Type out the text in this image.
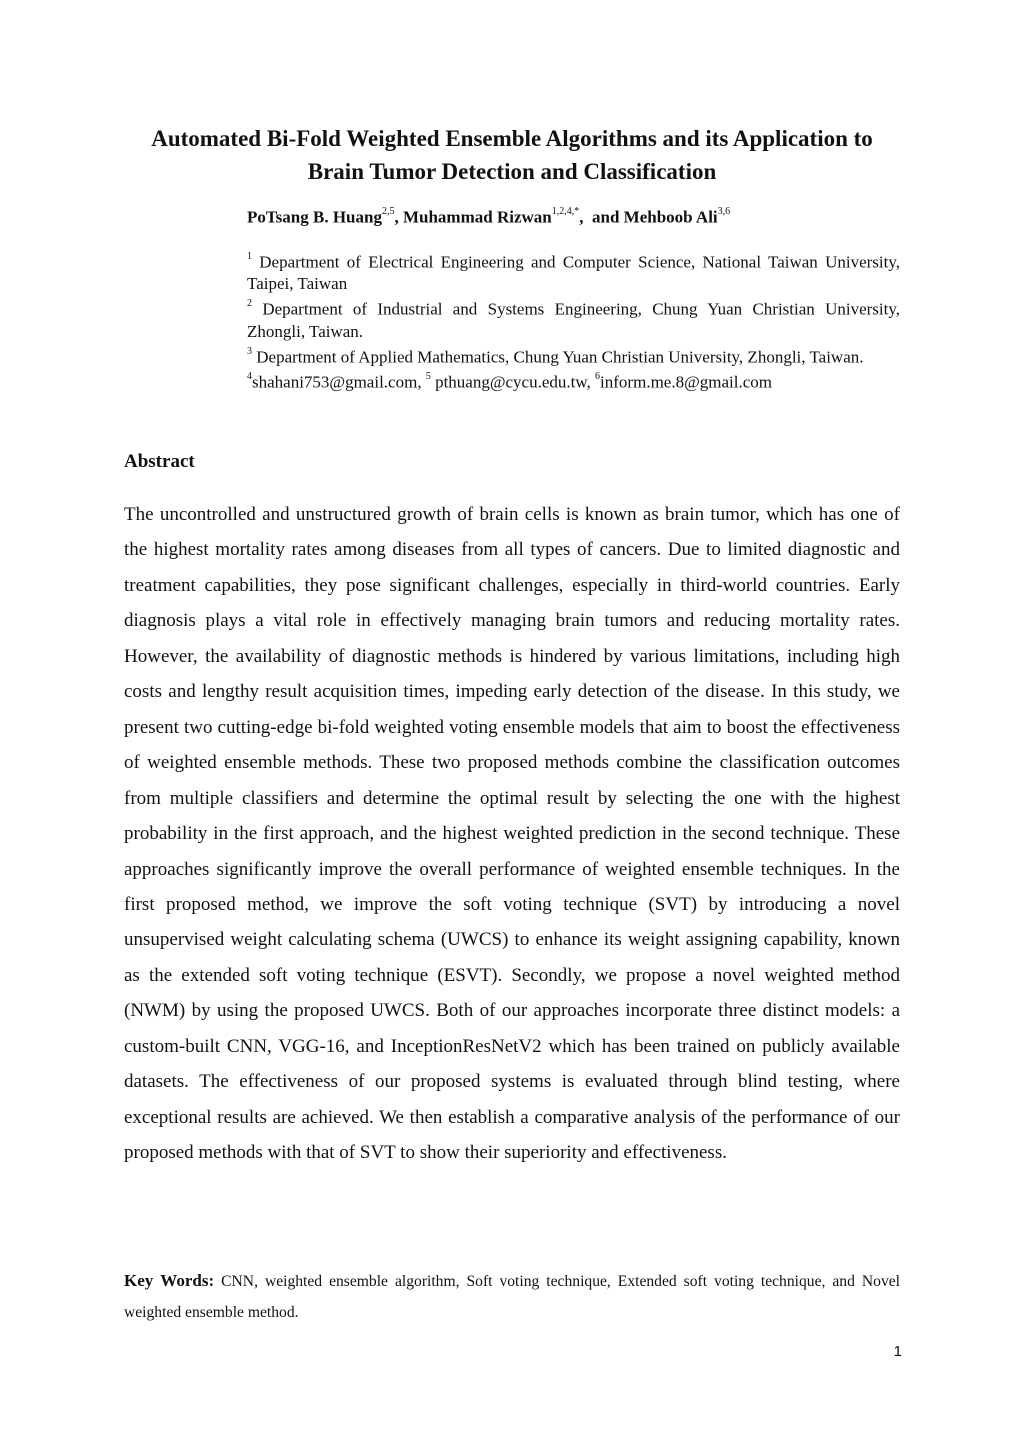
Automated Bi-Fold Weighted Ensemble Algorithms and its Application to
Brain Tumor Detection and Classification
PoTsang B. Huang$^{2,5}$, Muhammad Rizwan$^{1,2,4,*}$,  and Mehboob Ali$^{3,6}$
$^1$ Department of Electrical Engineering and Computer Science, National Taiwan University, Taipei, Taiwan
$^2$ Department of Industrial and Systems Engineering, Chung Yuan Christian University, Zhongli, Taiwan.
$^3$ Department of Applied Mathematics, Chung Yuan Christian University, Zhongli, Taiwan.
$^4$shahani753@gmail.com, $^5$ pthuang@cycu.edu.tw, $^6$inform.me.8@gmail.com
Abstract
The uncontrolled and unstructured growth of brain cells is known as brain tumor, which has one of the highest mortality rates among diseases from all types of cancers. Due to limited diagnostic and treatment capabilities, they pose significant challenges, especially in third-world countries. Early diagnosis plays a vital role in effectively managing brain tumors and reducing mortality rates. However, the availability of diagnostic methods is hindered by various limitations, including high costs and lengthy result acquisition times, impeding early detection of the disease. In this study, we present two cutting-edge bi-fold weighted voting ensemble models that aim to boost the effectiveness of weighted ensemble methods. These two proposed methods combine the classification outcomes from multiple classifiers and determine the optimal result by selecting the one with the highest probability in the first approach, and the highest weighted prediction in the second technique. These approaches significantly improve the overall performance of weighted ensemble techniques. In the first proposed method, we improve the soft voting technique (SVT) by introducing a novel unsupervised weight calculating schema (UWCS) to enhance its weight assigning capability, known as the extended soft voting technique (ESVT). Secondly, we propose a novel weighted method (NWM) by using the proposed UWCS. Both of our approaches incorporate three distinct models: a custom-built CNN, VGG-16, and InceptionResNetV2 which has been trained on publicly available datasets. The effectiveness of our proposed systems is evaluated through blind testing, where exceptional results are achieved. We then establish a comparative analysis of the performance of our proposed methods with that of SVT to show their superiority and effectiveness.
Key Words: CNN, weighted ensemble algorithm, Soft voting technique, Extended soft voting technique, and Novel weighted ensemble method.
1
